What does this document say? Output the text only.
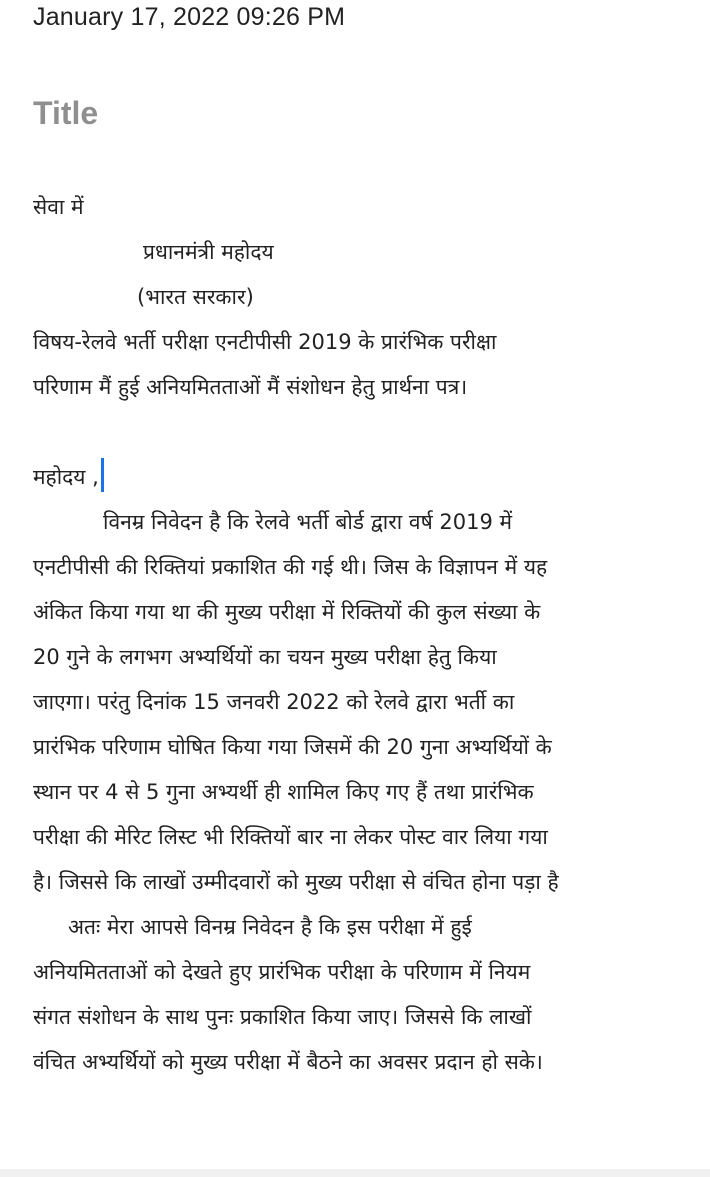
January 17, 2022 09:26 PM
Title
सेवा में
प्रधानमंत्री महोदय
(भारत सरकार)
विषय-रेलवे भर्ती परीक्षा एनटीपीसी 2019 के प्रारंभिक परीक्षा
परिणाम मैं हुई अनियमितताओं मैं संशोधन हेतु प्रार्थना पत्र।
महोदय ,
विनम्र निवेदन है कि रेलवे भर्ती बोर्ड द्वारा वर्ष 2019 में
एनटीपीसी की रिक्तियां प्रकाशित की गई थी। जिस के विज्ञापन में यह
अंकित किया गया था की मुख्य परीक्षा में रिक्तियों की कुल संख्या के
20 गुने के लगभग अभ्यर्थियों का चयन मुख्य परीक्षा हेतु किया
जाएगा। परंतु दिनांक 15 जनवरी 2022 को रेलवे द्वारा भर्ती का
प्रारंभिक परिणाम घोषित किया गया जिसमें की 20 गुना अभ्यर्थियों के
स्थान पर 4 से 5 गुना अभ्यर्थी ही शामिल किए गए हैं तथा प्रारंभिक
परीक्षा की मेरिट लिस्ट भी रिक्तियों बार ना लेकर पोस्ट वार लिया गया
है। जिससे कि लाखों उम्मीदवारों को मुख्य परीक्षा से वंचित होना पड़ा है
अतः मेरा आपसे विनम्र निवेदन है कि इस परीक्षा में हुई
अनियमितताओं को देखते हुए प्रारंभिक परीक्षा के परिणाम में नियम
संगत संशोधन के साथ पुनः प्रकाशित किया जाए। जिससे कि लाखों
वंचित अभ्यर्थियों को मुख्य परीक्षा में बैठने का अवसर प्रदान हो सके।
